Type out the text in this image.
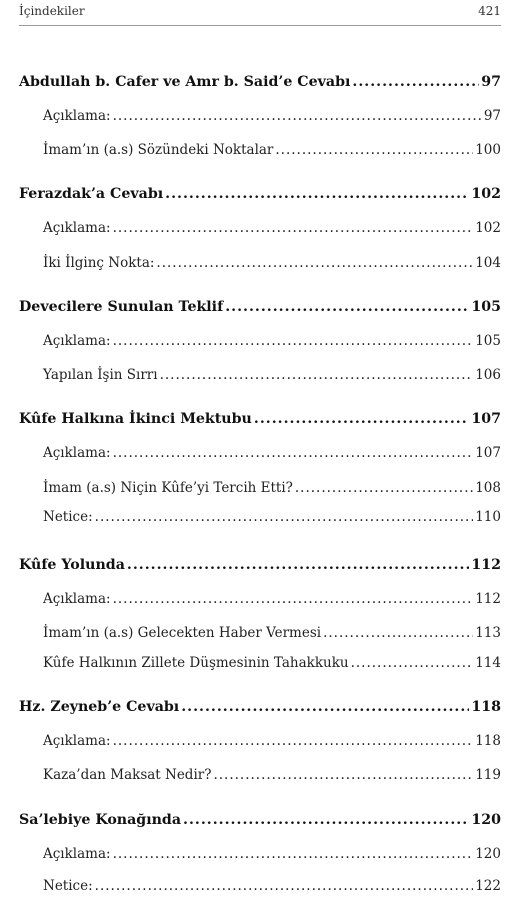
İçindekiler	421
Abdullah b. Cafer ve Amr b. Said’e Cevabı .....	97
Açıklama: .....	97
İmam’ın (a.s) Sözündeki Noktalar .....	100
Ferazdak’a Cevabı .....	102
Açıklama: .....	102
İki İlginç Nokta: .....	104
Devecilere Sunulan Teklif .....	105
Açıklama: .....	105
Yapılan İşin Sırrı .....	106
Kûfe Halkına İkinci Mektubu .....	107
Açıklama: .....	107
İmam (a.s) Niçin Kûfe’yi Tercih Etti? .....	108
Netice: .....	110
Kûfe Yolunda .....	112
Açıklama: .....	112
İmam’ın (a.s) Gelecekten Haber Vermesi .....	113
Kûfe Halkının Zillete Düşmesinin Tahakkuku .....	114
Hz. Zeyneb’e Cevabı .....	118
Açıklama: .....	118
Kaza’dan Maksat Nedir? .....	119
Sa’lebiye Konağında .....	120
Açıklama: .....	120
Netice: .....	122
